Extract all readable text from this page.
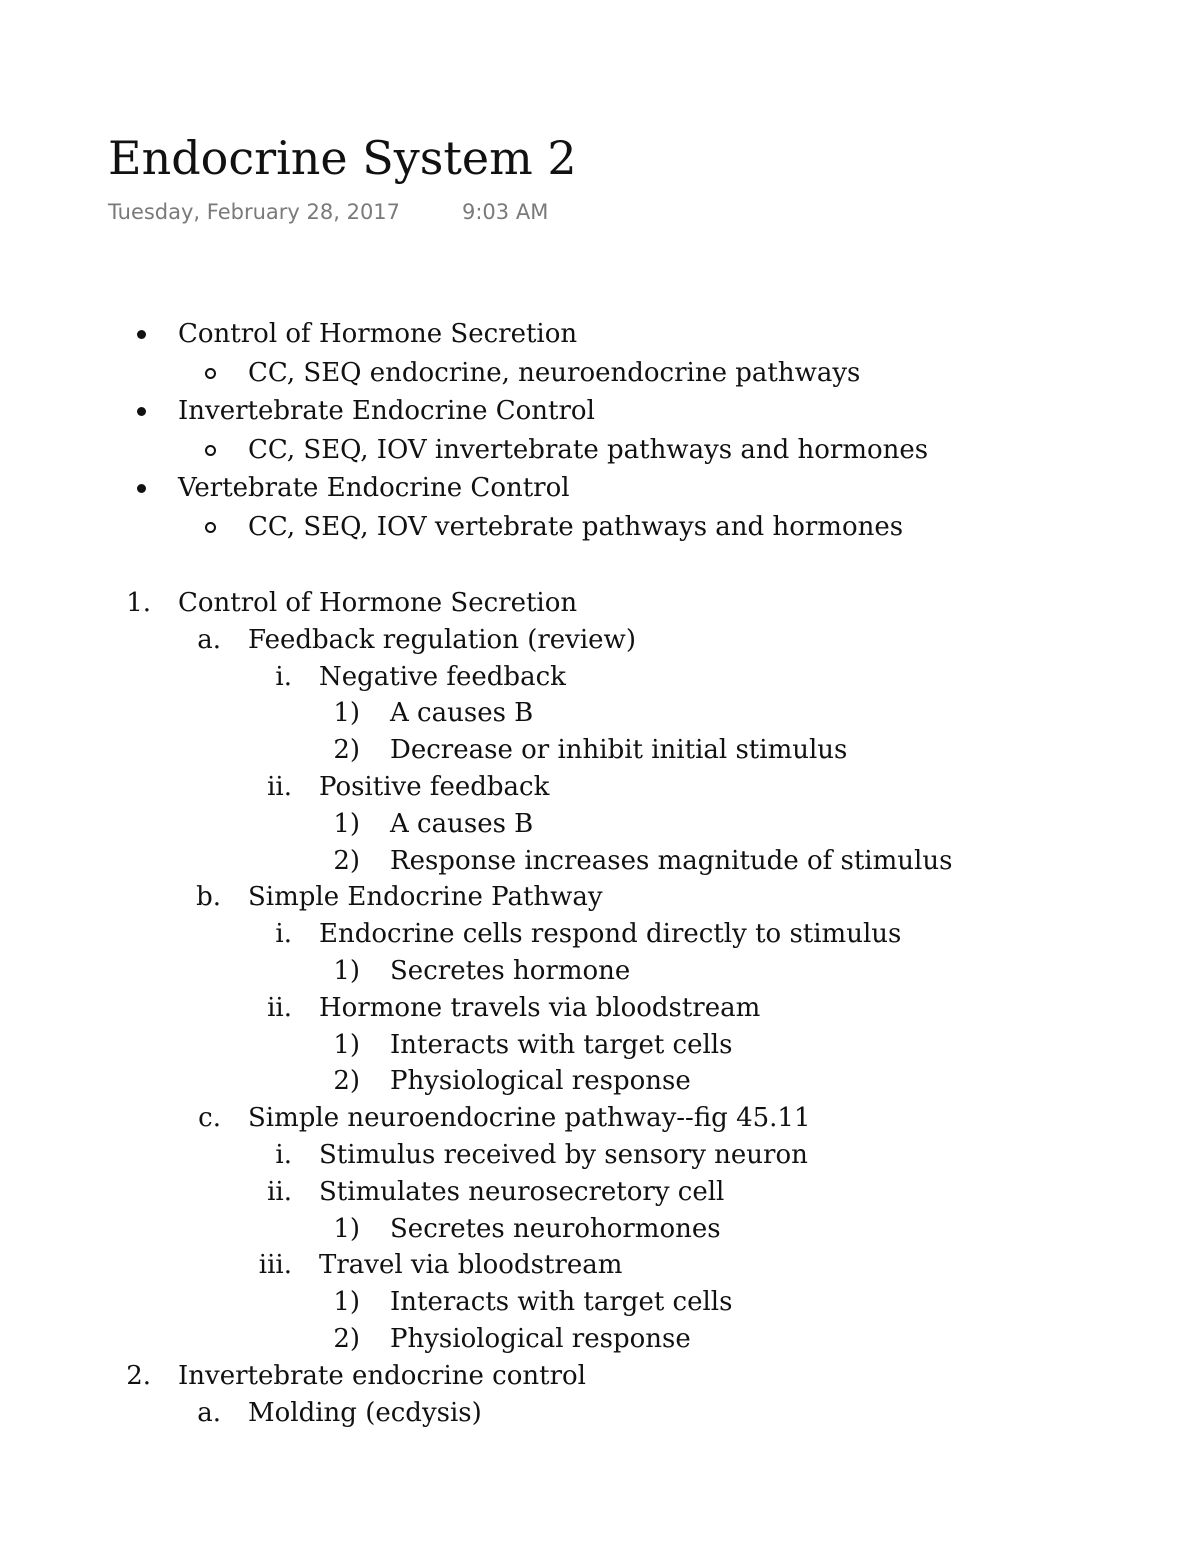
Endocrine System 2
Tuesday, February 28, 2017	9:03 AM
Control of Hormone Secretion
CC, SEQ endocrine, neuroendocrine pathways
Invertebrate Endocrine Control
CC, SEQ, IOV invertebrate pathways and hormones
Vertebrate Endocrine Control
CC, SEQ, IOV vertebrate pathways and hormones
1. Control of Hormone Secretion
a. Feedback regulation (review)
i. Negative feedback
1) A causes B
2) Decrease or inhibit initial stimulus
ii. Positive feedback
1) A causes B
2) Response increases magnitude of stimulus
b. Simple Endocrine Pathway
i. Endocrine cells respond directly to stimulus
1) Secretes hormone
ii. Hormone travels via bloodstream
1) Interacts with target cells
2) Physiological response
c. Simple neuroendocrine pathway--fig 45.11
i. Stimulus received by sensory neuron
ii. Stimulates neurosecretory cell
1) Secretes neurohormones
iii. Travel via bloodstream
1) Interacts with target cells
2) Physiological response
2. Invertebrate endocrine control
a. Molding (ecdysis)
